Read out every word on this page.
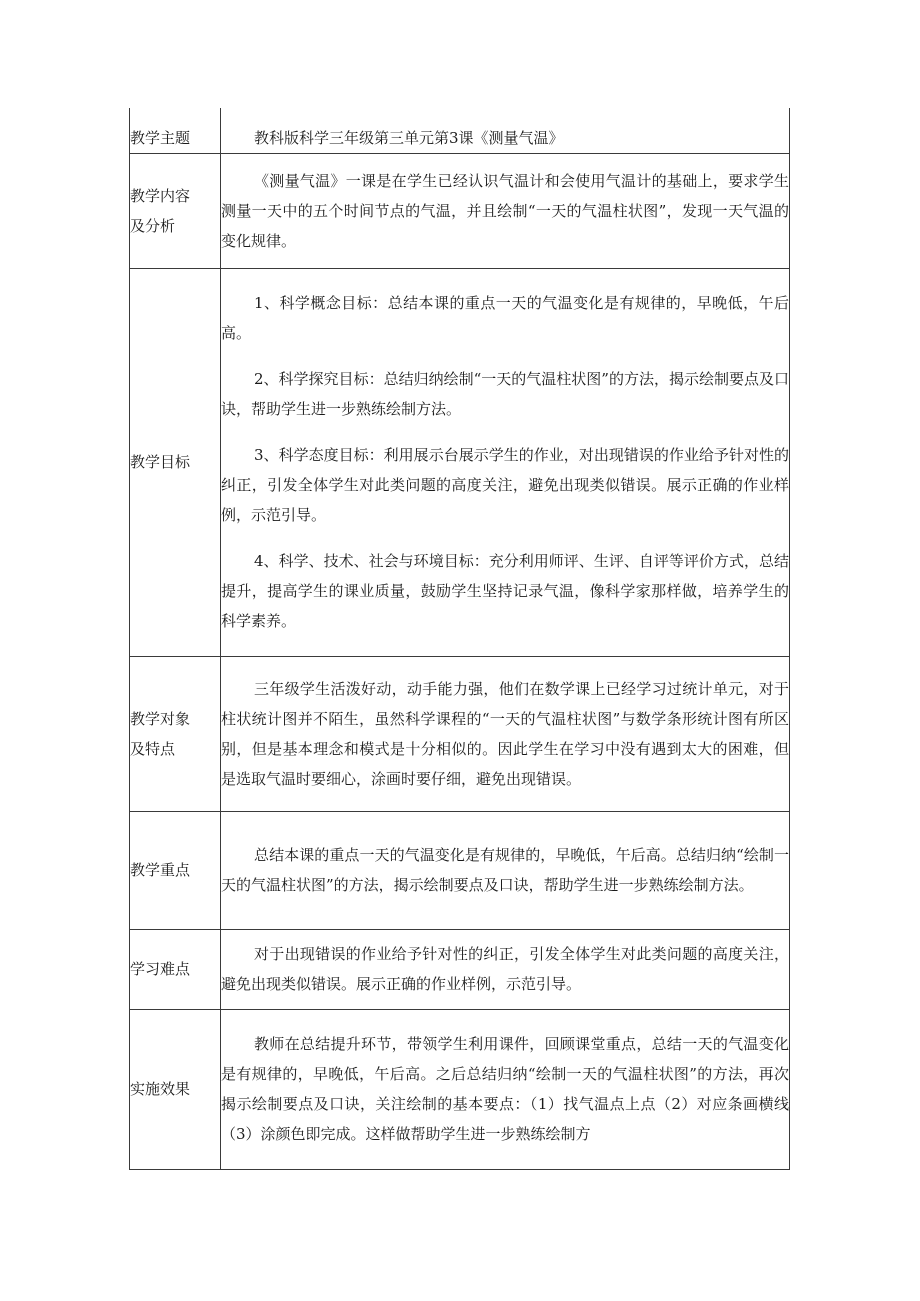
教学主题	教科版科学三年级第三单元第3课《测量气温》

教学内容及分析	《测量气温》一课是在学生已经认识气温计和会使用气温计的基础上，要求学生测量一天中的五个时间节点的气温，并且绘制“一天的气温柱状图”，发现一天气温的变化规律。

教学目标	1、科学概念目标：总结本课的重点一天的气温变化是有规律的，早晚低，午后高。

2、科学探究目标：总结归纳绘制“一天的气温柱状图”的方法，揭示绘制要点及口诀，帮助学生进一步熟练绘制方法。

3、科学态度目标：利用展示台展示学生的作业，对出现错误的作业给予针对性的纠正，引发全体学生对此类问题的高度关注，避免出现类似错误。展示正确的作业样例，示范引导。

4、科学、技术、社会与环境目标：充分利用师评、生评、自评等评价方式，总结提升，提高学生的课业质量，鼓励学生坚持记录气温，像科学家那样做，培养学生的科学素养。

教学对象及特点	三年级学生活泼好动，动手能力强，他们在数学课上已经学习过统计单元，对于柱状统计图并不陌生，虽然科学课程的“一天的气温柱状图”与数学条形统计图有所区别，但是基本理念和模式是十分相似的。因此学生在学习中没有遇到太大的困难，但是选取气温时要细心，涂画时要仔细，避免出现错误。

教学重点	总结本课的重点一天的气温变化是有规律的，早晚低，午后高。总结归纳“绘制一天的气温柱状图”的方法，揭示绘制要点及口诀，帮助学生进一步熟练绘制方法。

学习难点	对于出现错误的作业给予针对性的纠正，引发全体学生对此类问题的高度关注，避免出现类似错误。展示正确的作业样例，示范引导。

实施效果	教师在总结提升环节，带领学生利用课件，回顾课堂重点，总结一天的气温变化是有规律的，早晚低，午后高。之后总结归纳“绘制一天的气温柱状图”的方法，再次揭示绘制要点及口诀，关注绘制的基本要点：（1）找气温点上点（2）对应条画横线（3）涂颜色即完成。这样做帮助学生进一步熟练绘制方
